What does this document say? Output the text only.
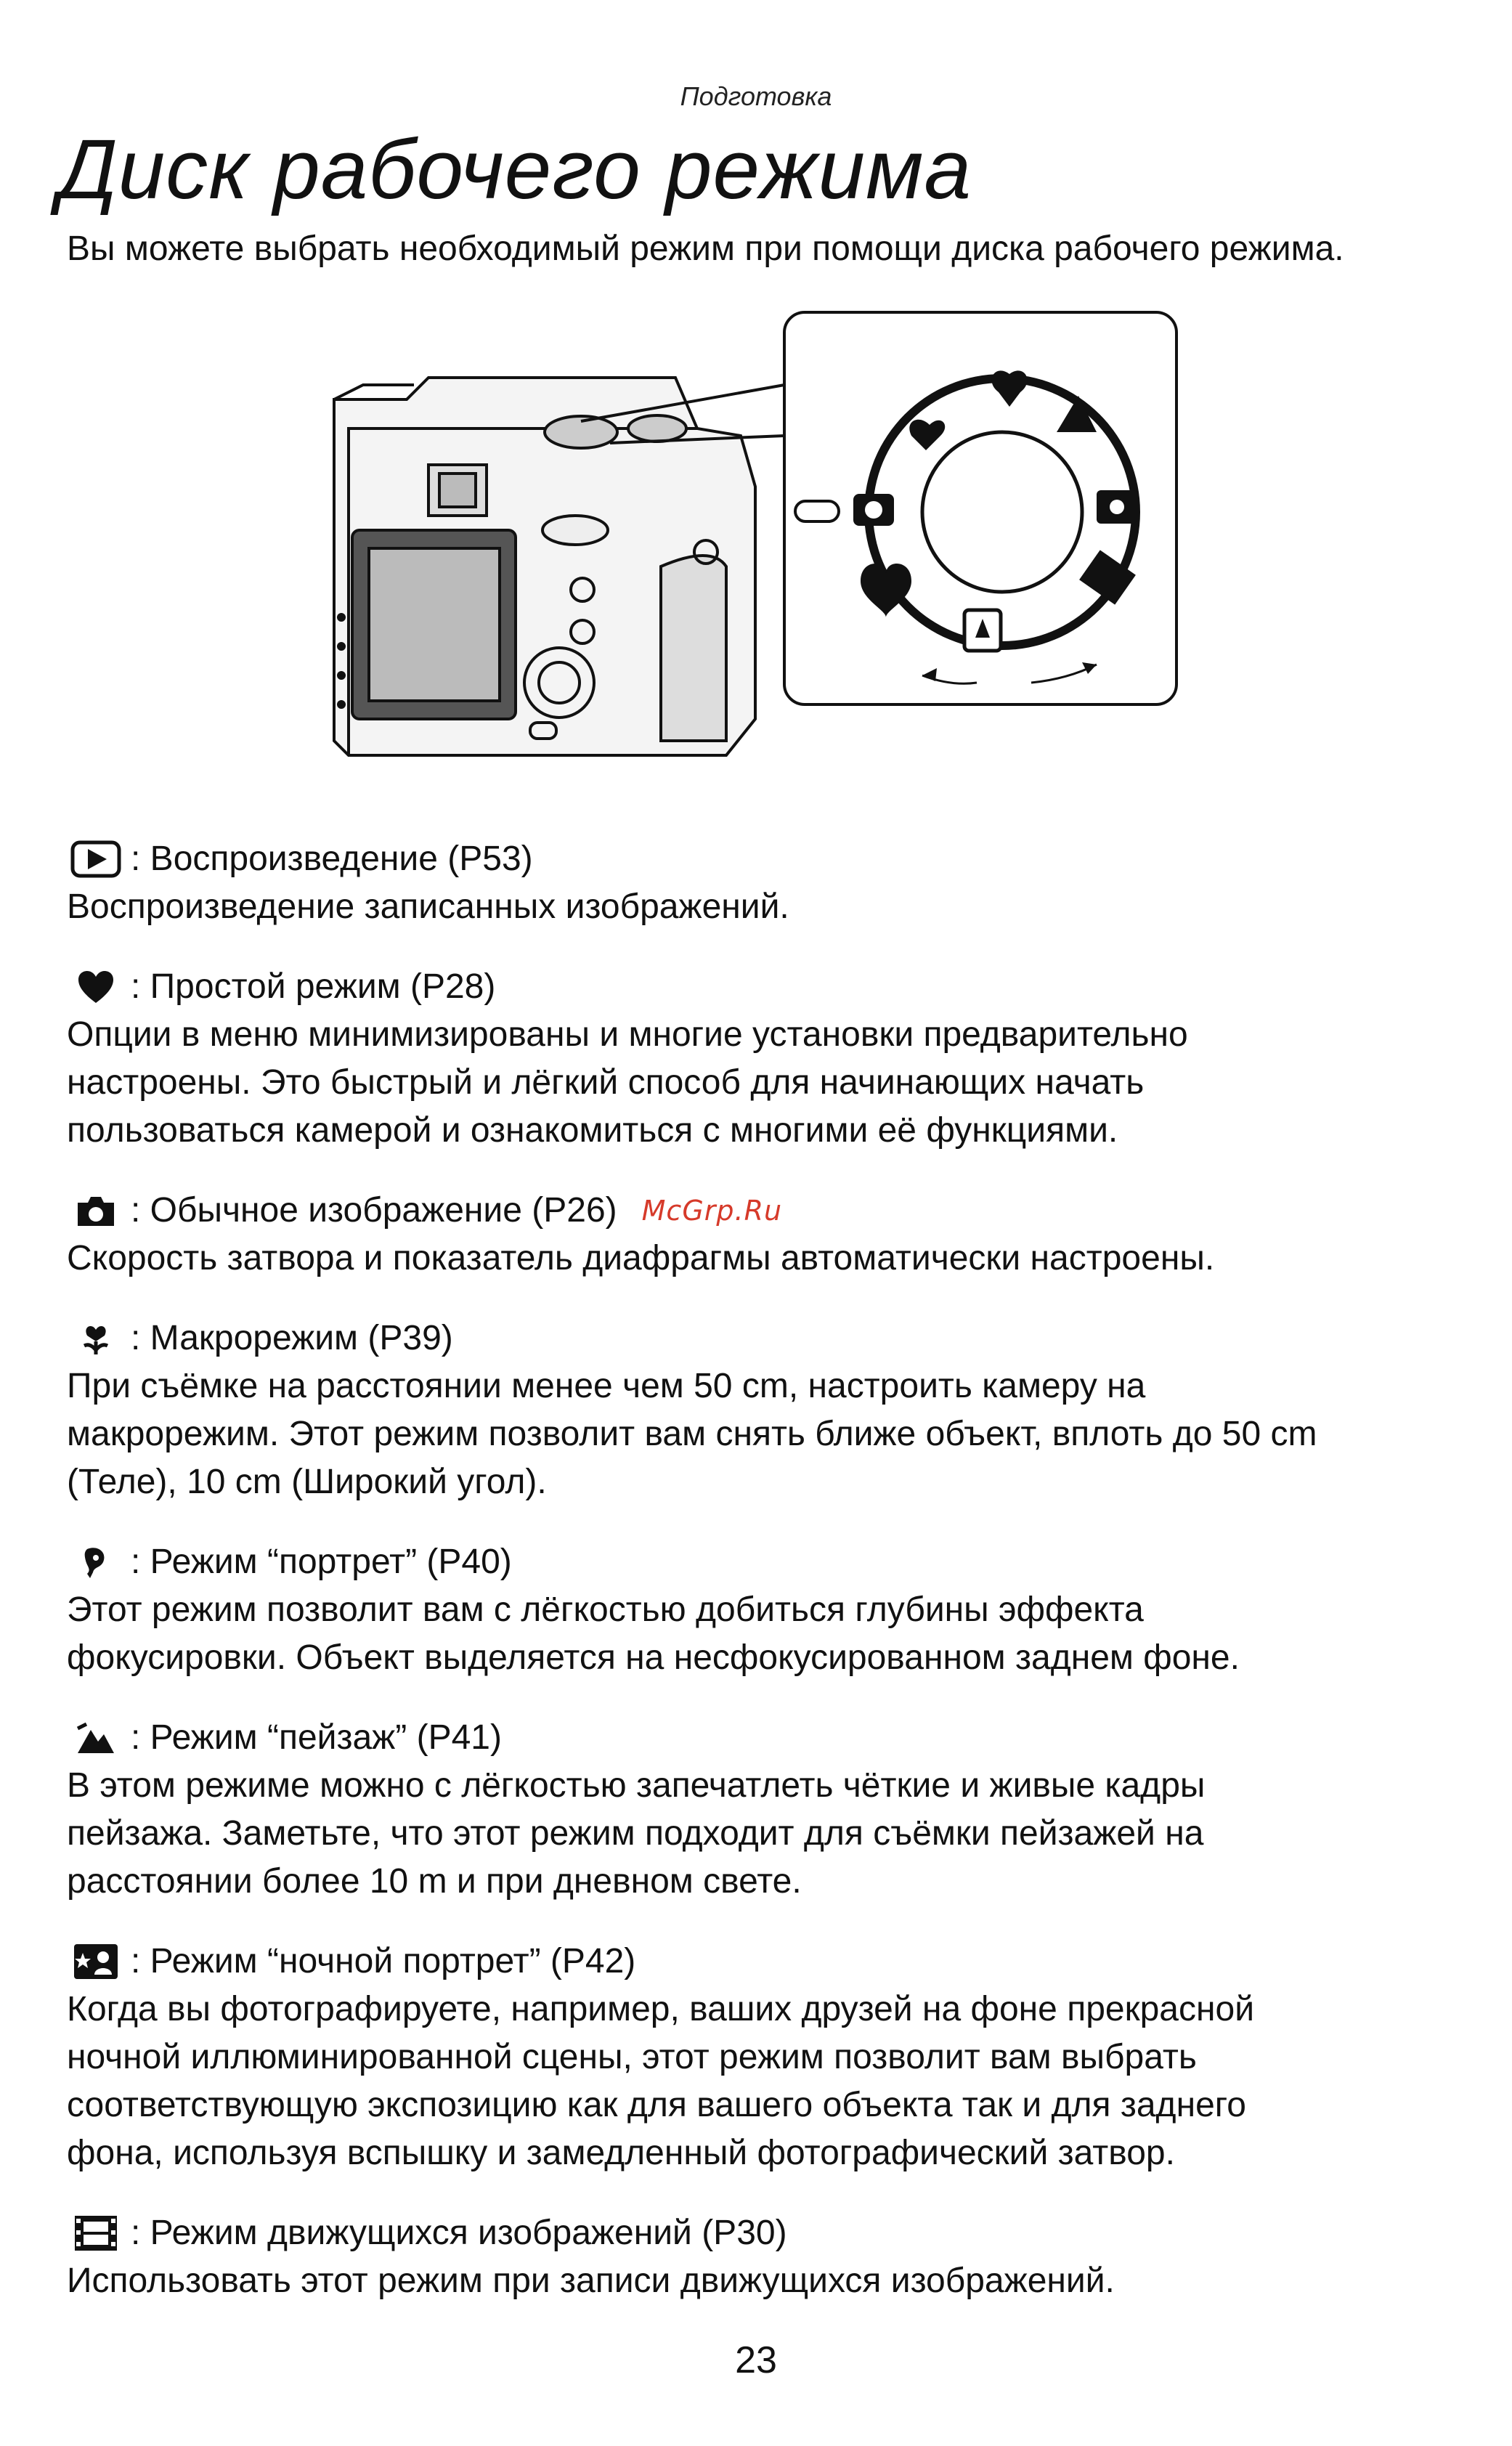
Подготовка
Диск рабочего режима
Вы можете выбрать необходимый режим при помощи диска рабочего режима.
: Воспроизведение (P53)
Воспроизведение записанных изображений.
: Простой режим (P28)
Опции в меню минимизированы и многие установки предварительно
настроены. Это быстрый и лёгкий способ для начинающих начать
пользоваться камерой и ознакомиться с многими её функциями.
: Обычное изображение (P26) McGrp.Ru
Скорость затвора и показатель диафрагмы автоматически настроены.
: Макрорежим (P39)
При съёмке на расстоянии менее чем 50 cm, настроить камеру на
макрорежим. Этот режим позволит вам снять ближе объект, вплоть до 50 cm
(Теле), 10 cm (Широкий угол).
: Режим “портрет” (P40)
Этот режим позволит вам с лёгкостью добиться глубины эффекта
фокусировки. Объект выделяется на несфокусированном заднем фоне.
: Режим “пейзаж” (P41)
В этом режиме можно с лёгкостью запечатлеть чёткие и живые кадры
пейзажа. Заметьте, что этот режим подходит для съёмки пейзажей на
расстоянии более 10 m и при дневном свете.
: Режим “ночной портрет” (P42)
Когда вы фотографируете, например, ваших друзей на фоне прекрасной
ночной иллюминированной сцены, этот режим позволит вам выбрать
соответствующую экспозицию как для вашего объекта так и для заднего
фона, используя вспышку и замедленный фотографический затвор.
: Режим движущихся изображений (P30)
Использовать этот режим при записи движущихся изображений.
23
